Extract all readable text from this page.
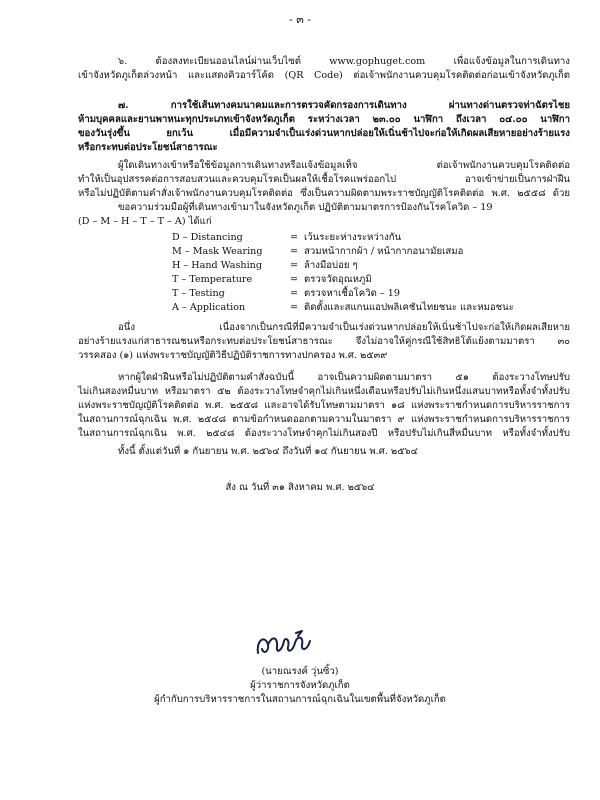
- ๓ -
๖. ต้องลงทะเบียนออนไลน์ผ่านเว็บไซต์ www.gophuget.com เพื่อแจ้งข้อมูลในการเดินทาง
เข้าจังหวัดภูเก็ตล่วงหน้า และแสดงคิวอาร์โค้ด (QR Code) ต่อเจ้าพนักงานควบคุมโรคติดต่อก่อนเข้าจังหวัดภูเก็ต
๗. การใช้เส้นทางคมนาคมและการตรวจคัดกรองการเดินทาง ผ่านทางด่านตรวจท่าฉัตรไชย
ห้ามบุคคลและยานพาหนะทุกประเภทเข้าจังหวัดภูเก็ต ระหว่างเวลา ๒๓.๐๐ นาฬิกา ถึงเวลา ๐๔.๐๐ นาฬิกา
ของวันรุ่งขึ้น ยกเว้น เมื่อมีความจำเป็นเร่งด่วนหากปล่อยให้เนิ่นช้าไปจะก่อให้เกิดผลเสียหายอย่างร้ายแรง
หรือกระทบต่อประโยชน์สาธารณะ
ผู้ใดเดินทางเข้าหรือใช้ข้อมูลการเดินทางหรือแจ้งข้อมูลเท็จ ต่อเจ้าพนักงานควบคุมโรคติดต่อ
ทำให้เป็นอุปสรรคต่อการสอบสวนและควบคุมโรคเป็นผลให้เชื้อโรคแพร่ออกไป อาจเข้าข่ายเป็นการฝ่าฝืน
หรือไม่ปฏิบัติตามคำสั่งเจ้าพนักงานควบคุมโรคติดต่อ ซึ่งเป็นความผิดตามพระราชบัญญัติโรคติดต่อ พ.ศ. ๒๕๕๘ ด้วย
ขอความร่วมมือผู้ที่เดินทางเข้ามาในจังหวัดภูเก็ต ปฏิบัติตามมาตรการป้องกันโรคโควิด – 19
(D – M – H – T – T – A) ได้แก่
D – Distancing	= เว้นระยะห่างระหว่างกัน
M – Mask Wearing	= สวมหน้ากากผ้า / หน้ากากอนามัยเสมอ
H – Hand Washing	= ล้างมือบ่อย ๆ
T – Temperature	= ตรวจวัดอุณหภูมิ
T – Testing	= ตรวจหาเชื้อโควิด – 19
A – Application	= ติดตั้งและสแกนแอปพลิเคชันไทยชนะ และหมอชนะ
อนึ่ง เนื่องจากเป็นกรณีที่มีความจำเป็นเร่งด่วนหากปล่อยให้เนิ่นช้าไปจะก่อให้เกิดผลเสียหาย
อย่างร้ายแรงแก่สาธารณชนหรือกระทบต่อประโยชน์สาธารณะ จึงไม่อาจให้คู่กรณีใช้สิทธิโต้แย้งตามมาตรา ๓๐
วรรคสอง (๑) แห่งพระราชบัญญัติวิธีปฏิบัติราชการทางปกครอง พ.ศ. ๒๕๓๙
หากผู้ใดฝ่าฝืนหรือไม่ปฏิบัติตามคำสั่งฉบับนี้ อาจเป็นความผิดตามมาตรา ๕๑ ต้องระวางโทษปรับ
ไม่เกินสองหมื่นบาท หรือมาตรา ๕๒ ต้องระวางโทษจำคุกไม่เกินหนึ่งเดือนหรือปรับไม่เกินหนึ่งแสนบาทหรือทั้งจำทั้งปรับ
แห่งพระราชบัญญัติโรคติดต่อ พ.ศ. ๒๕๕๘ และอาจได้รับโทษตามมาตรา ๑๘ แห่งพระราชกำหนดการบริหารราชการ
ในสถานการณ์ฉุกเฉิน พ.ศ. ๒๕๔๘ ตามข้อกำหนดออกตามความในมาตรา ๙ แห่งพระราชกำหนดการบริหารราชการ
ในสถานการณ์ฉุกเฉิน พ.ศ. ๒๕๔๘ ต้องระวางโทษจำคุกไม่เกินสองปี หรือปรับไม่เกินสี่หมื่นบาท หรือทั้งจำทั้งปรับ
ทั้งนี้ ตั้งแต่วันที่ ๑ กันยายน พ.ศ. ๒๕๖๔ ถึงวันที่ ๑๔ กันยายน พ.ศ. ๒๕๖๔
สั่ง ณ วันที่ ๓๑ สิงหาคม พ.ศ. ๒๕๖๔
(นายณรงค์ วุ่นซิ้ว)
ผู้ว่าราชการจังหวัดภูเก็ต
ผู้กำกับการบริหารราชการในสถานการณ์ฉุกเฉินในเขตพื้นที่จังหวัดภูเก็ต
